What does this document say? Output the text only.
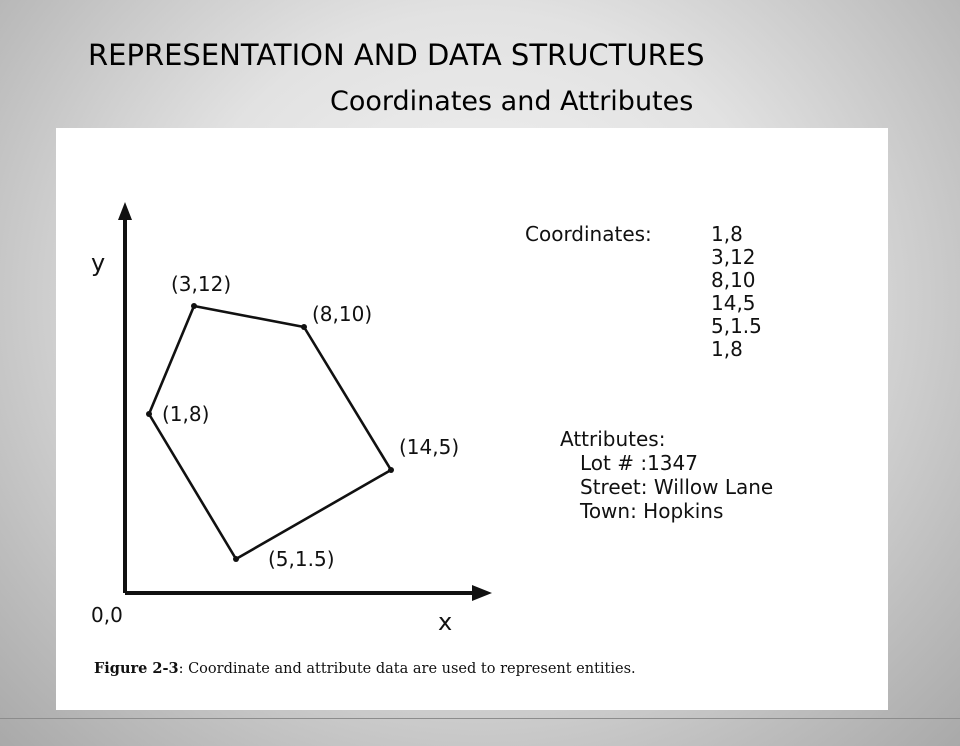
REPRESENTATION AND DATA STRUCTURES
Coordinates and Attributes
y
x
0,0
(3,12)
(8,10)
(1,8)
(14,5)
(5,1.5)
Coordinates:	1,8
3,12
8,10
14,5
5,1.5
1,8
Attributes:
Lot # :1347
Street: Willow Lane
Town: Hopkins
Figure 2-3: Coordinate and attribute data are used to represent entities.
